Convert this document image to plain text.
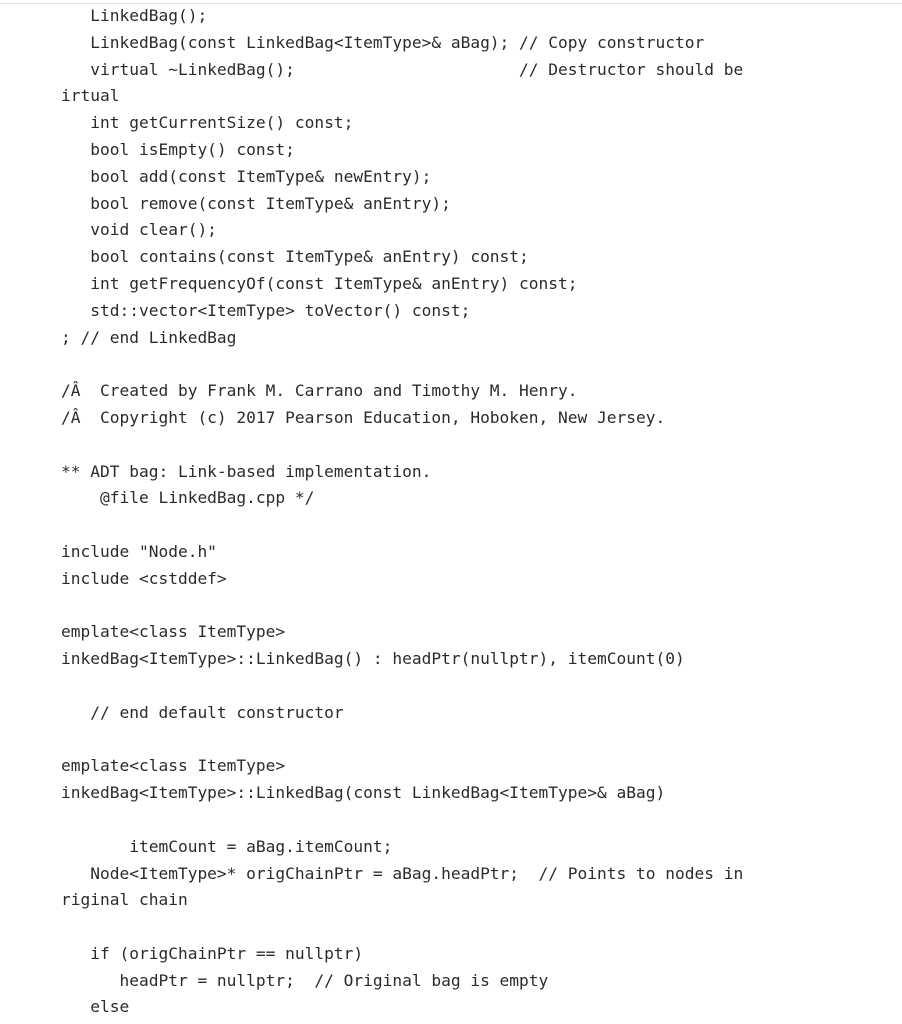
LinkedBag();
LinkedBag(const LinkedBag<ItemType>& aBag); // Copy constructor
virtual ~LinkedBag();                       // Destructor should be
irtual
int getCurrentSize() const;
bool isEmpty() const;
bool add(const ItemType& newEntry);
bool remove(const ItemType& anEntry);
void clear();
bool contains(const ItemType& anEntry) const;
int getFrequencyOf(const ItemType& anEntry) const;
std::vector<ItemType> toVector() const;
; // end LinkedBag
/Â  Created by Frank M. Carrano and Timothy M. Henry.
/Â  Copyright (c) 2017 Pearson Education, Hoboken, New Jersey.
** ADT bag: Link-based implementation.
@file LinkedBag.cpp */
include "Node.h"
include <cstddef>
emplate<class ItemType>
inkedBag<ItemType>::LinkedBag() : headPtr(nullptr), itemCount(0)
// end default constructor
emplate<class ItemType>
inkedBag<ItemType>::LinkedBag(const LinkedBag<ItemType>& aBag)
itemCount = aBag.itemCount;
Node<ItemType>* origChainPtr = aBag.headPtr;  // Points to nodes in
riginal chain
if (origChainPtr == nullptr)
headPtr = nullptr;  // Original bag is empty
else
